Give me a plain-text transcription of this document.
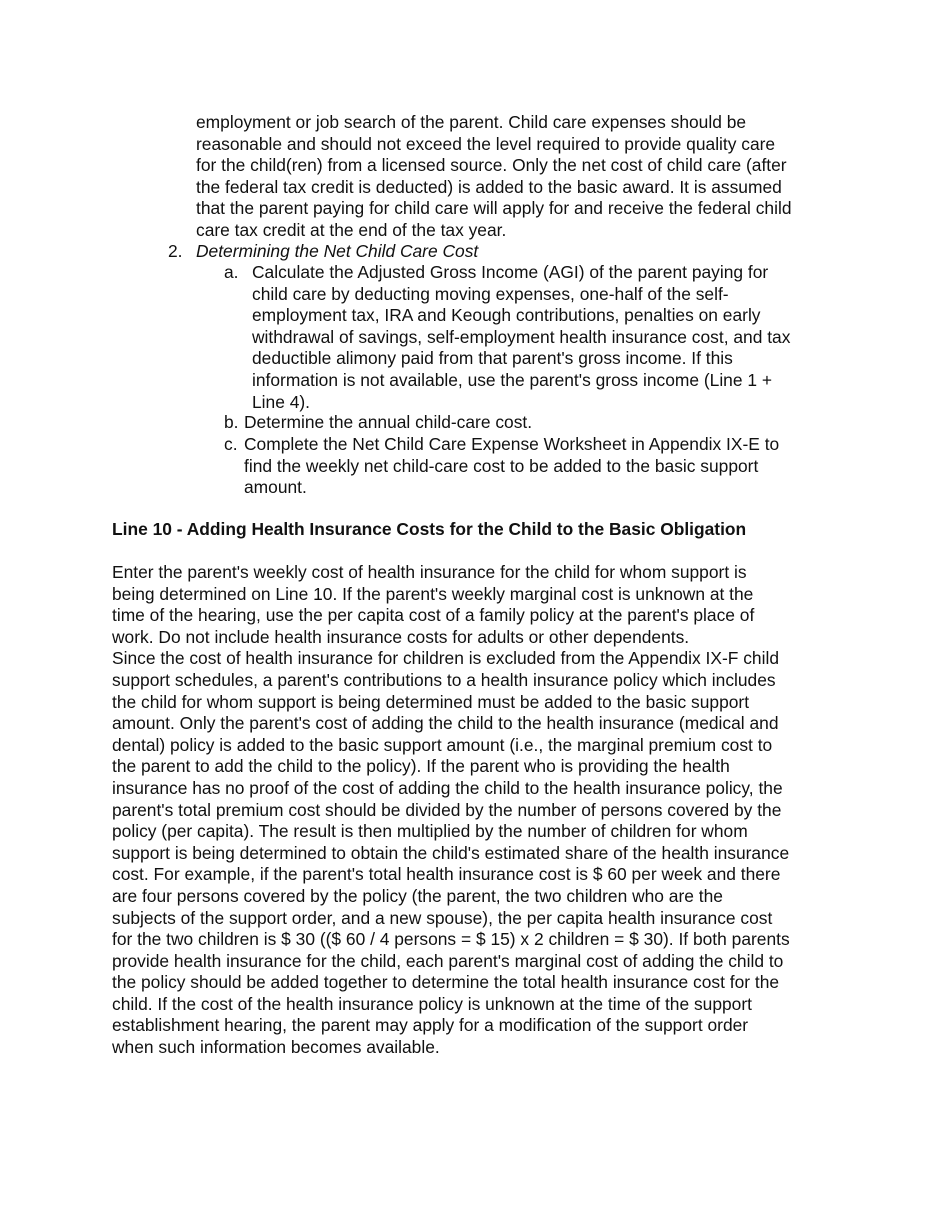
employment or job search of the parent. Child care expenses should be
reasonable and should not exceed the level required to provide quality care
for the child(ren) from a licensed source. Only the net cost of child care (after
the federal tax credit is deducted) is added to the basic award. It is assumed
that the parent paying for child care will apply for and receive the federal child
care tax credit at the end of the tax year.

2. Determining the Net Child Care Cost
a. Calculate the Adjusted Gross Income (AGI) of the parent paying for
child care by deducting moving expenses, one-half of the self-
employment tax, IRA and Keough contributions, penalties on early
withdrawal of savings, self-employment health insurance cost, and tax
deductible alimony paid from that parent's gross income. If this
information is not available, use the parent's gross income (Line 1 +
Line 4).
b. Determine the annual child-care cost.
c. Complete the Net Child Care Expense Worksheet in Appendix IX-E to
find the weekly net child-care cost to be added to the basic support
amount.
Line 10 - Adding Health Insurance Costs for the Child to the Basic Obligation

Enter the parent's weekly cost of health insurance for the child for whom support is
being determined on Line 10. If the parent's weekly marginal cost is unknown at the
time of the hearing, use the per capita cost of a family policy at the parent's place of
work. Do not include health insurance costs for adults or other dependents.
Since the cost of health insurance for children is excluded from the Appendix IX-F child
support schedules, a parent's contributions to a health insurance policy which includes
the child for whom support is being determined must be added to the basic support
amount. Only the parent's cost of adding the child to the health insurance (medical and
dental) policy is added to the basic support amount (i.e., the marginal premium cost to
the parent to add the child to the policy). If the parent who is providing the health
insurance has no proof of the cost of adding the child to the health insurance policy, the
parent's total premium cost should be divided by the number of persons covered by the
policy (per capita). The result is then multiplied by the number of children for whom
support is being determined to obtain the child's estimated share of the health insurance
cost. For example, if the parent's total health insurance cost is $ 60 per week and there
are four persons covered by the policy (the parent, the two children who are the
subjects of the support order, and a new spouse), the per capita health insurance cost
for the two children is $ 30 (($ 60 / 4 persons = $ 15) x 2 children = $ 30). If both parents
provide health insurance for the child, each parent's marginal cost of adding the child to
the policy should be added together to determine the total health insurance cost for the
child. If the cost of the health insurance policy is unknown at the time of the support
establishment hearing, the parent may apply for a modification of the support order
when such information becomes available.
